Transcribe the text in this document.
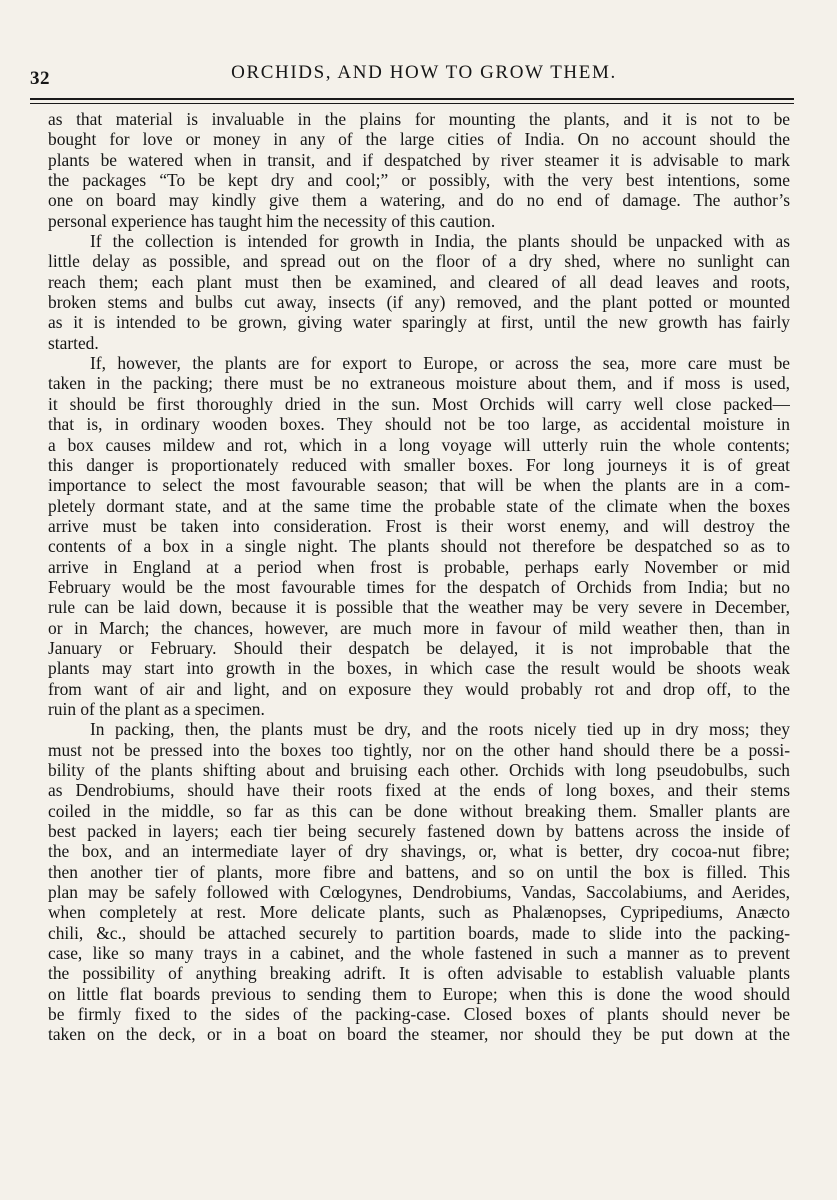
32	ORCHIDS, AND HOW TO GROW THEM.
as that material is invaluable in the plains for mounting the plants, and it is not to be
bought for love or money in any of the large cities of India. On no account should the
plants be watered when in transit, and if despatched by river steamer it is advisable to mark
the packages “To be kept dry and cool;” or possibly, with the very best intentions, some
one on board may kindly give them a watering, and do no end of damage. The author’s
personal experience has taught him the necessity of this caution.
If the collection is intended for growth in India, the plants should be unpacked with as
little delay as possible, and spread out on the floor of a dry shed, where no sunlight can
reach them; each plant must then be examined, and cleared of all dead leaves and roots,
broken stems and bulbs cut away, insects (if any) removed, and the plant potted or mounted
as it is intended to be grown, giving water sparingly at first, until the new growth has fairly
started.
If, however, the plants are for export to Europe, or across the sea, more care must be
taken in the packing; there must be no extraneous moisture about them, and if moss is used,
it should be first thoroughly dried in the sun. Most Orchids will carry well close packed—
that is, in ordinary wooden boxes. They should not be too large, as accidental moisture in
a box causes mildew and rot, which in a long voyage will utterly ruin the whole contents;
this danger is proportionately reduced with smaller boxes. For long journeys it is of great
importance to select the most favourable season; that will be when the plants are in a com-
pletely dormant state, and at the same time the probable state of the climate when the boxes
arrive must be taken into consideration. Frost is their worst enemy, and will destroy the
contents of a box in a single night. The plants should not therefore be despatched so as to
arrive in England at a period when frost is probable, perhaps early November or mid
February would be the most favourable times for the despatch of Orchids from India; but no
rule can be laid down, because it is possible that the weather may be very severe in December,
or in March; the chances, however, are much more in favour of mild weather then, than in
January or February. Should their despatch be delayed, it is not improbable that the
plants may start into growth in the boxes, in which case the result would be shoots weak
from want of air and light, and on exposure they would probably rot and drop off, to the
ruin of the plant as a specimen.
In packing, then, the plants must be dry, and the roots nicely tied up in dry moss; they
must not be pressed into the boxes too tightly, nor on the other hand should there be a possi-
bility of the plants shifting about and bruising each other. Orchids with long pseudobulbs, such
as Dendrobiums, should have their roots fixed at the ends of long boxes, and their stems
coiled in the middle, so far as this can be done without breaking them. Smaller plants are
best packed in layers; each tier being securely fastened down by battens across the inside of
the box, and an intermediate layer of dry shavings, or, what is better, dry cocoa-nut fibre;
then another tier of plants, more fibre and battens, and so on until the box is filled. This
plan may be safely followed with Cœlogynes, Dendrobiums, Vandas, Saccolabiums, and Aerides,
when completely at rest. More delicate plants, such as Phalænopses, Cypripediums, Anæcto
chili, &c., should be attached securely to partition boards, made to slide into the packing-
case, like so many trays in a cabinet, and the whole fastened in such a manner as to prevent
the possibility of anything breaking adrift. It is often advisable to establish valuable plants
on little flat boards previous to sending them to Europe; when this is done the wood should
be firmly fixed to the sides of the packing-case. Closed boxes of plants should never be
taken on the deck, or in a boat on board the steamer, nor should they be put down at the
